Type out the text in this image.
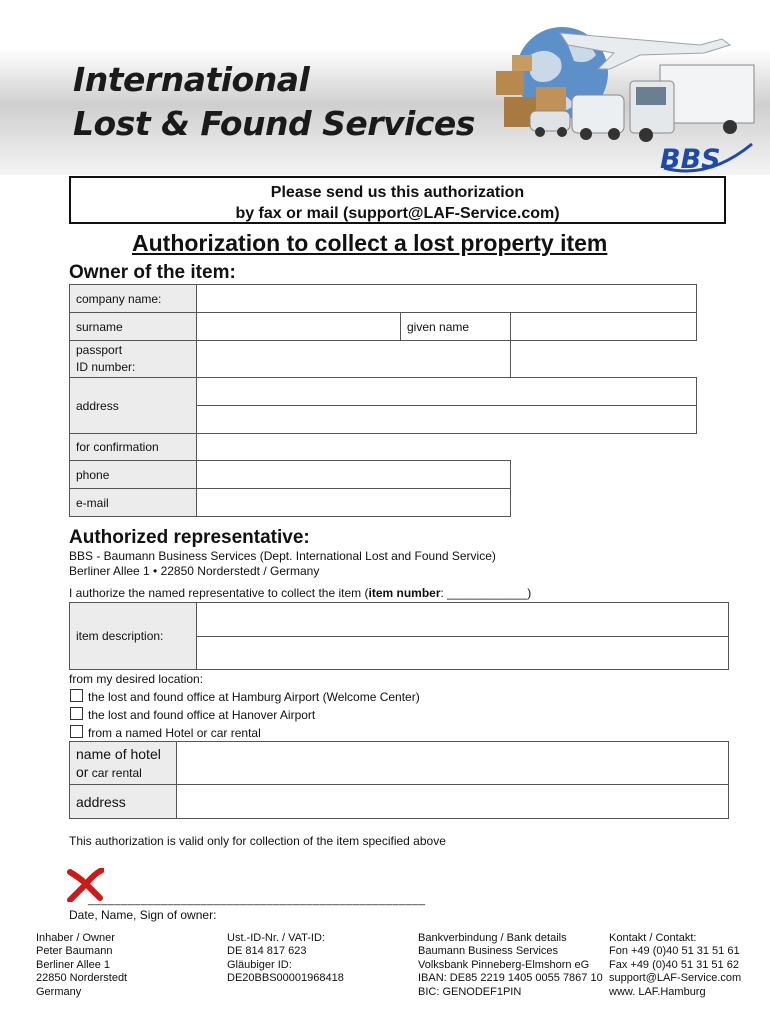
International
Lost & Found Services
BBS
Please send us this authorization
by fax or mail (support@LAF-Service.com)
Authorization to collect a lost property item
Owner of the item:
company name:
surname	given name
passport
ID number:
address
for confirmation
phone
e-mail
Authorized representative:
BBS - Baumann Business Services (Dept. International Lost and Found Service)
Berliner Allee 1 • 22850 Norderstedt / Germany
I authorize the named representative to collect the item (item number: ____________)
item description:
from my desired location:
the lost and found office at Hamburg Airport (Welcome Center)
the lost and found office at Hanover Airport
from a named Hotel or car rental
name of hotel
or car rental
address
This authorization is valid only for collection of the item specified above
___________________________________________________
Date, Name, Sign of owner:
Inhaber / Owner
Peter Baumann
Berliner Allee 1
22850 Norderstedt
Germany
Ust.-ID-Nr. / VAT-ID:
DE 814 817 623
Gläubiger ID:
DE20BBS00001968418
Bankverbindung / Bank details
Baumann Business Services
Volksbank Pinneberg-Elmshorn eG
IBAN: DE85 2219 1405 0055 7867 10
BIC: GENODEF1PIN
Kontakt / Contakt:
Fon +49 (0)40 51 31 51 61
Fax +49 (0)40 51 31 51 62
support@LAF-Service.com
www. LAF.Hamburg
